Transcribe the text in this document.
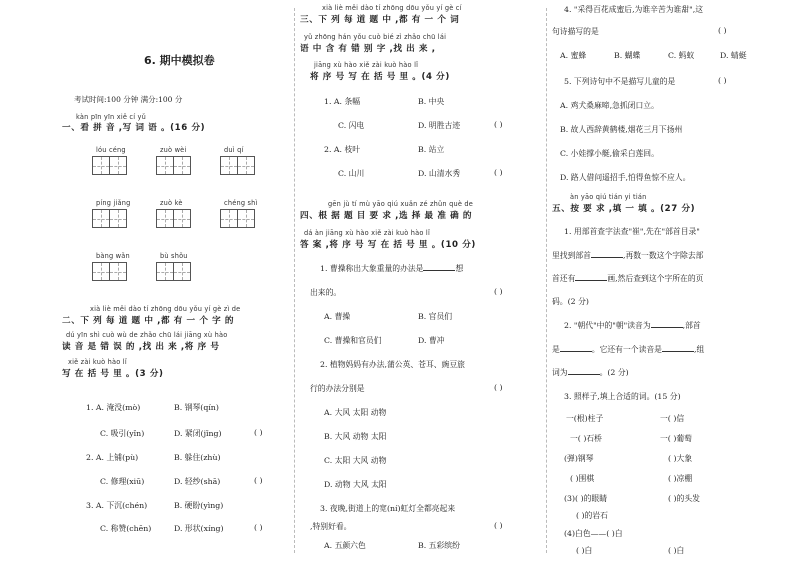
6. 期中模拟卷
考试时间:100 分钟 满分:100 分
kàn pīn yīn xiě cí yǔ
一、看 拼 音 ,写 词 语 。(16 分)
lóu céng	zuò wèi	duì qí
píng jiǎng	zuò kè	chéng shì
bàng wǎn	bù shǒu
xià liè měi dào tí zhōng dōu yǒu yí gè zì de
二、下 列 每 道 题 中 ,都 有 一 个 字 的
dú yīn shì cuò wù de zhǎo chū lái jiāng xù hào
读 音 是 错 误 的 ,找 出 来 ,将 序 号
xiě zài kuò hào lǐ
写 在 括 号 里 。(3 分)
1. A. 淹没(mò)	B. 钢琴(qín)
C. 吸引(yǐn)	D. 紧闭(jǐng)	( )
2. A. 上铺(pù)	B. 躲住(zhù)
C. 修理(xiū)	D. 轻纱(shā)	( )
3. A. 下沉(chén)	B. 硬盼(yìng)
C. 称赞(chēn)	D. 形状(xíng)	( )
xià liè měi dào tí zhōng dōu yǒu yí gè cí
三、下 列 每 道 题 中 ,都 有 一 个 词
yǔ zhōng hán yǒu cuò bié zì zhǎo chū lái
语 中 含 有 错 别 字 ,找 出 来 ,
jiāng xù hào xiě zài kuò hào lǐ
将 序 号 写 在 括 号 里 。(4 分)
1. A. 条幅	B. 中央
C. 闪电	D. 明胜古迹	( )
2. A. 枝叶	B. 站立
C. 山川	D. 山清水秀	( )
gēn jù tí mù yāo qiú xuǎn zé zhǔn què de
四、根 据 题 目 要 求 ,选 择 最 准 确 的
dá àn jiāng xù hào xiě zài kuò hào lǐ
答 案 ,将 序 号 写 在 括 号 里 。(10 分)
1. 曹操称出大象重量的办法是	想
出来的。	( )
A. 曹操	B. 官员们
C. 曹操和官员们	D. 曹冲
2. 植物妈妈有办法,蒲公英、苍耳、豌豆旅
行的办法分别是	( )
A. 大风 太阳 动物
B. 大风 动物 太阳
C. 太阳 大风 动物
D. 动物 大风 太阳
3. 夜晚,街道上的宽(ní)虹灯全都亮起来
,特别好看。	( )
A. 五颜六色	B. 五彩缤纷
4. "采得百花成蜜后,为谁辛苦为谁甜",这
句诗描写的是	( )
A. 蜜蜂	B. 蝴蝶	C. 蚂蚁	D. 蜻蜓
5. 下列诗句中不是描写儿童的是	( )
A. 鸡犬桑麻啼,急抓闭口立。
B. 故人西辞黄鹤楼,烟花三月下扬州
C. 小娃撑小艇,偷采白莲回。
D. 路人借问遥招手,怕得鱼惊不应人。
àn yāo qiú tián yi tián
五、按 要 求 ,填 一 填 。(27 分)
1. 用部首查字法查"崔",先在"部首目录"
里找到部首	,再数一数这个字除去部
首还有	画,然后查到这个字所在的页
码。(2 分)
2. "朝代"中的"朝"读音为	,部首
是	。它还有一个读音是	,组
词为	。(2 分)
3. 照样子,填上合适的词。(15 分)
一(根)柱子	一( )信
一( )石桥	一( )葡萄
(弹)钢琴	( )大象
( )围棋	( )凉棚
(3)( )的眼睛	( )的头发
( )的岩石
(4)白色——( )白
( )白	( )白
